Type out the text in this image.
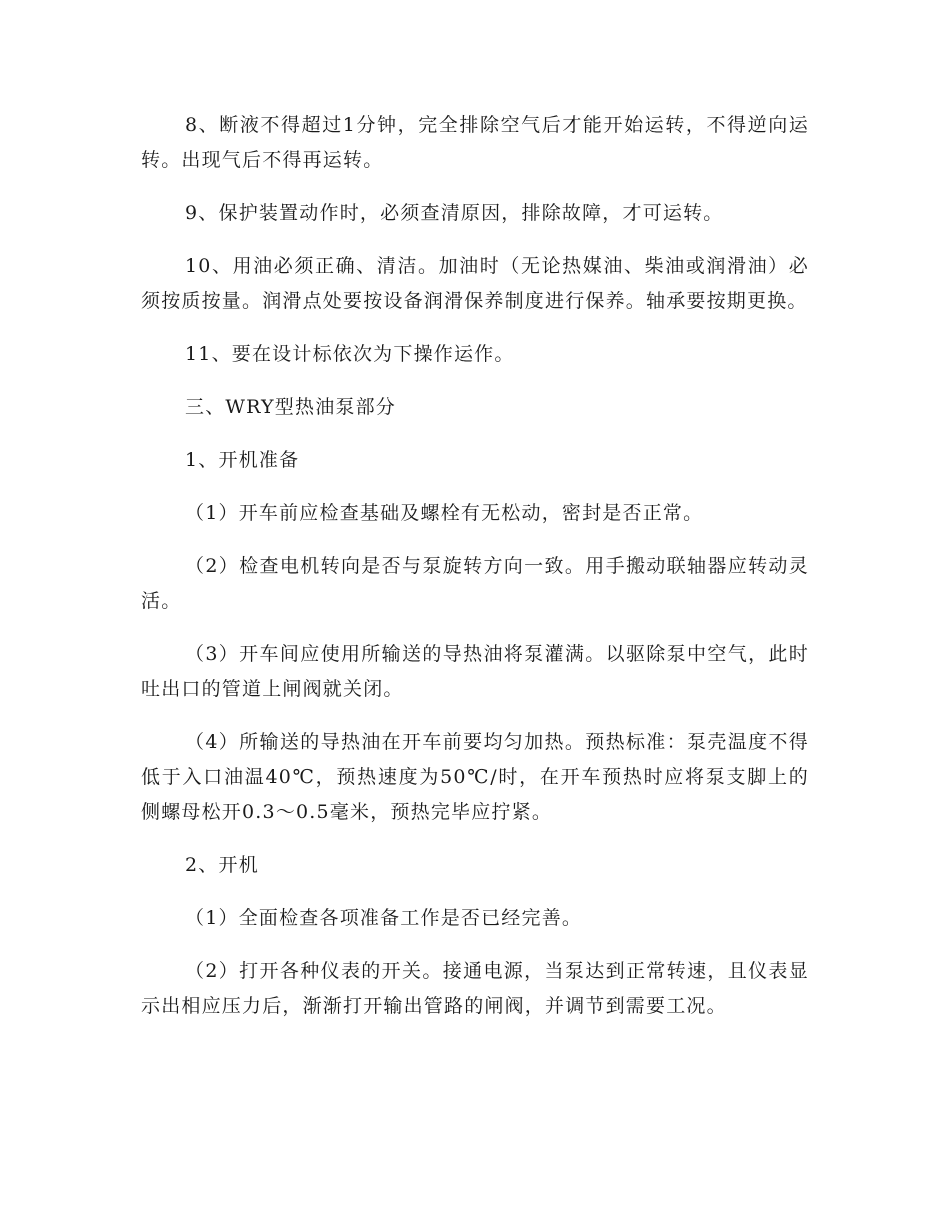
8、断液不得超过1分钟，完全排除空气后才能开始运转，不得逆向运转。出现气后不得再运转。

9、保护装置动作时，必须查清原因，排除故障，才可运转。

10、用油必须正确、清洁。加油时（无论热媒油、柴油或润滑油）必须按质按量。润滑点处要按设备润滑保养制度进行保养。轴承要按期更换。

11、要在设计标依次为下操作运作。

三、WRY型热油泵部分

1、开机准备

（1）开车前应检查基础及螺栓有无松动，密封是否正常。

（2）检查电机转向是否与泵旋转方向一致。用手搬动联轴器应转动灵活。

（3）开车间应使用所输送的导热油将泵灌满。以驱除泵中空气，此时吐出口的管道上闸阀就关闭。

（4）所输送的导热油在开车前要均匀加热。预热标准：泵壳温度不得低于入口油温40℃，预热速度为50℃/时，在开车预热时应将泵支脚上的侧螺母松开0.3～0.5毫米，预热完毕应拧紧。

2、开机

（1）全面检查各项准备工作是否已经完善。

（2）打开各种仪表的开关。接通电源，当泵达到正常转速，且仪表显示出相应压力后，渐渐打开输出管路的闸阀，并调节到需要工况。
